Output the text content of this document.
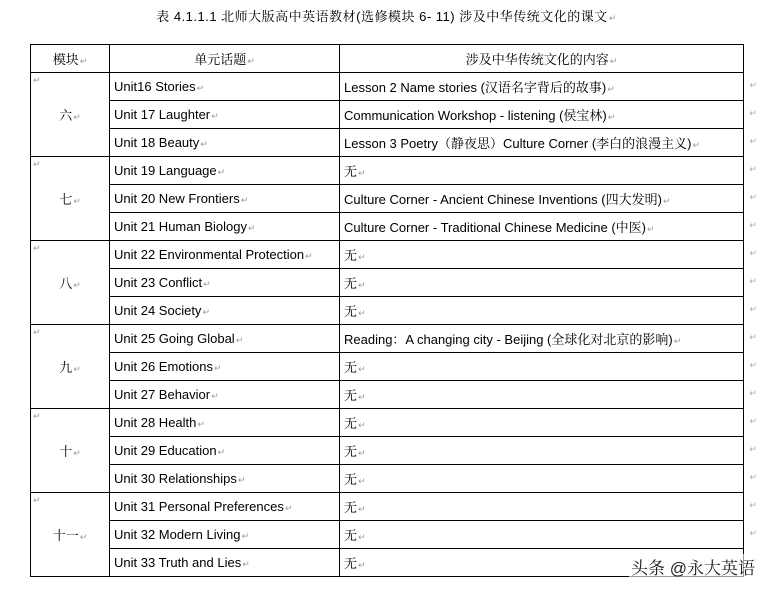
表 4.1.1.1 北师大版高中英语教材(选修模块 6- 11) 涉及中华传统文化的课文 ↵
模块 ↵	单元话题 ↵	涉及中华传统文化的内容 ↵

↵
六 ↵	Unit16 Stories ↵	↵ Lesson 2 Name stories (汉语名字背后的故事) ↵
	Unit 17 Laughter ↵	↵ Communication Workshop - listening (侯宝林) ↵
	Unit 18 Beauty ↵	↵ Lesson 3 Poetry（静夜思）Culture Corner (李白的浪漫主义) ↵

↵
七 ↵	Unit 19 Language ↵	↵ 无 ↵
	Unit 20 New Frontiers ↵	↵ Culture Corner - Ancient Chinese Inventions (四大发明) ↵
	Unit 21 Human Biology ↵	↵ Culture Corner - Traditional Chinese Medicine (中医) ↵

↵
八 ↵	Unit 22 Environmental Protection ↵	↵ 无 ↵
	Unit 23 Conflict ↵	↵ 无 ↵
	Unit 24 Society ↵	↵ 无 ↵

↵
九 ↵	Unit 25 Going Global ↵	↵ Reading：A changing city - Beijing (全球化对北京的影响) ↵
	Unit 26 Emotions ↵	↵ 无 ↵
	Unit 27 Behavior ↵	↵ 无 ↵

↵
十 ↵	Unit 28 Health ↵	↵ 无 ↵
	Unit 29 Education ↵	↵ 无 ↵
	Unit 30 Relationships ↵	↵ 无 ↵

↵
十一 ↵	Unit 31 Personal Preferences ↵	↵ 无 ↵
	Unit 32 Modern Living ↵	↵ 无 ↵
	Unit 33 Truth and Lies ↵	↵ 无 ↵	头条 @永大英语
